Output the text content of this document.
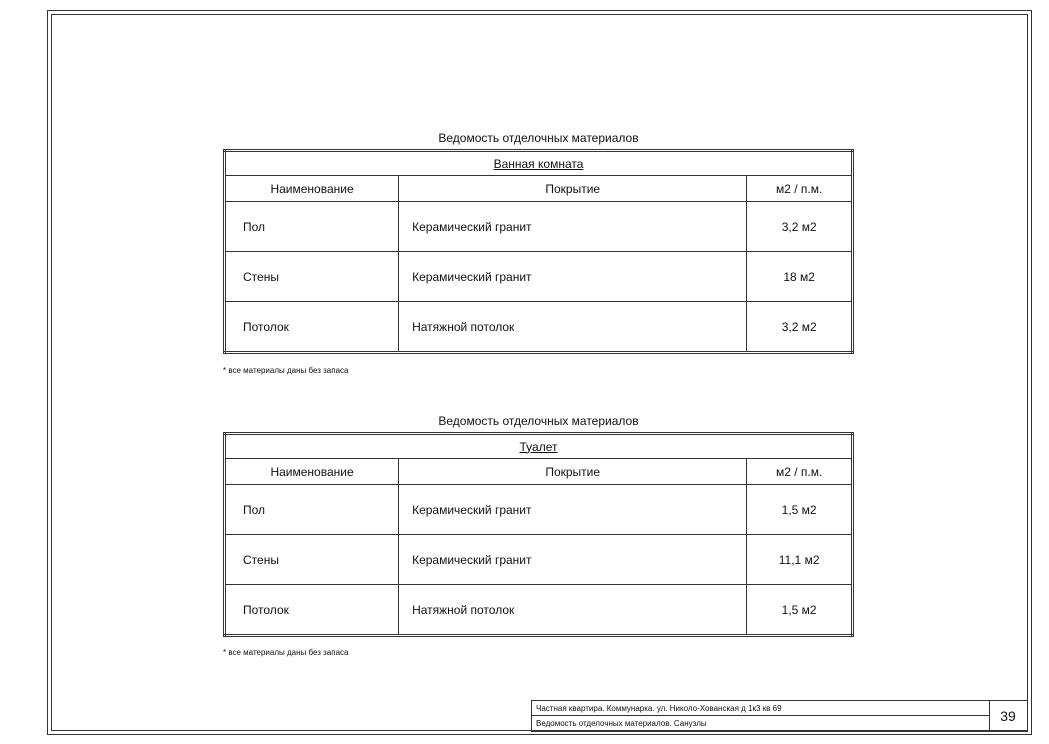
Ведомость отделочных материалов
Ванная комната		
Наименование	Покрытие	м2 / п.м.
Пол	Керамический гранит	3,2 м2
Стены	Керамический гранит	18 м2
Потолок	Натяжной потолок	3,2 м2
* все материалы даны без запаса
Ведомость отделочных материалов
Туалет		
Наименование	Покрытие	м2 / п.м.
Пол	Керамический гранит	1,5 м2
Стены	Керамический гранит	11,1 м2
Потолок	Натяжной потолок	1,5 м2
* все материалы даны без запаса
Частная квартира. Коммунарка. ул. Николо-Хованская д 1к3 кв 69
Ведомость отделочных материалов. Санузлы	39
